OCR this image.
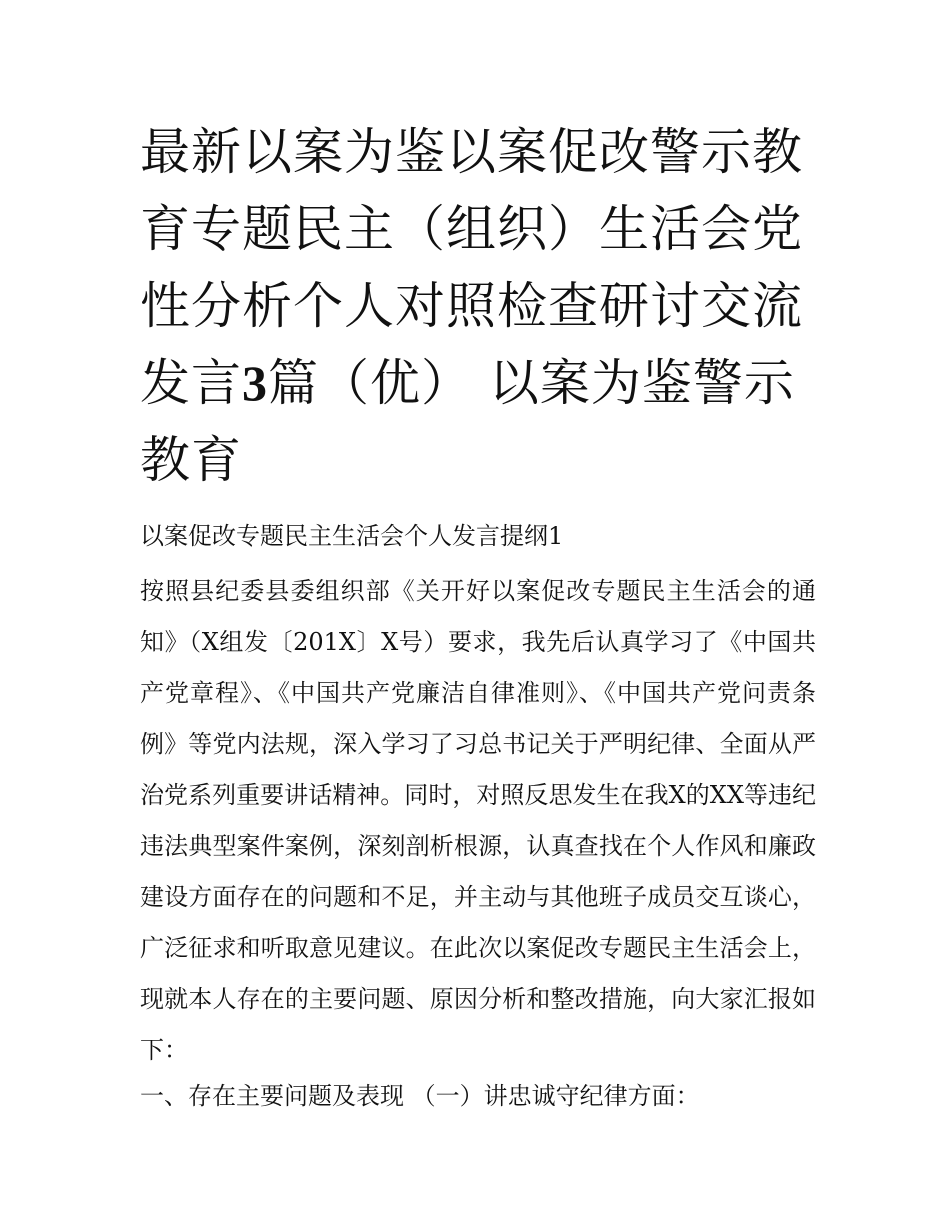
最新以案为鉴以案促改警示教育专题民主（组织）生活会党性分析个人对照检查研讨交流发言3篇（优） 以案为鉴警示教育

以案促改专题民主生活会个人发言提纲1

按照县纪委县委组织部《关开好以案促改专题民主生活会的通知》（X组发〔201X〕X号）要求，我先后认真学习了《中国共产党章程》、《中国共产党廉洁自律准则》、《中国共产党问责条例》等党内法规，深入学习了习总书记关于严明纪律、全面从严治党系列重要讲话精神。同时，对照反思发生在我X的XX等违纪违法典型案件案例，深刻剖析根源，认真查找在个人作风和廉政建设方面存在的问题和不足，并主动与其他班子成员交互谈心，广泛征求和听取意见建议。在此次以案促改专题民主生活会上，现就本人存在的主要问题、原因分析和整改措施，向大家汇报如下：

一、存在主要问题及表现 （一）讲忠诚守纪律方面：
